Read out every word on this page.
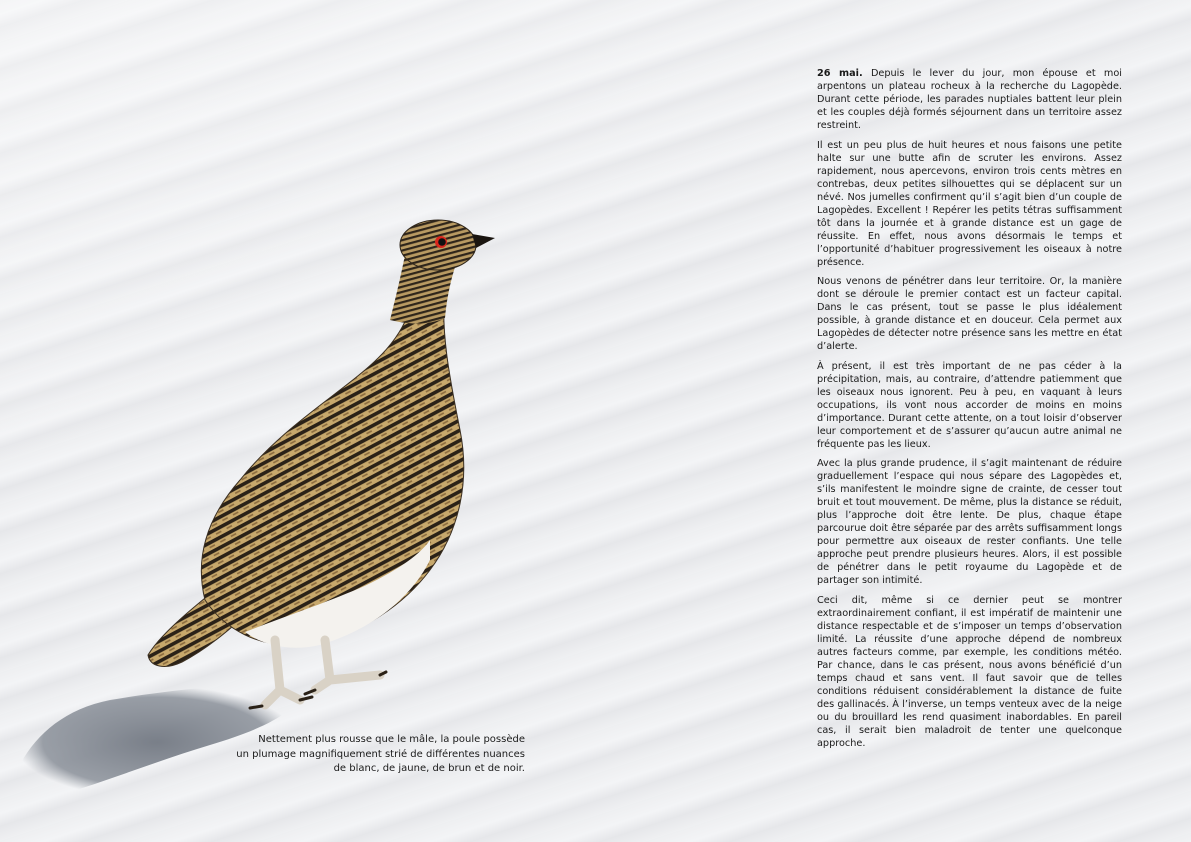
26 mai. Depuis le lever du jour, mon épouse et moi arpentons un plateau rocheux à la recherche du Lagopède. Durant cette période, les parades nuptiales battent leur plein et les couples déjà formés séjournent dans un territoire assez restreint.

Il est un peu plus de huit heures et nous faisons une petite halte sur une butte afin de scruter les environs. Assez rapidement, nous apercevons, environ trois cents mètres en contrebas, deux petites silhouettes qui se déplacent sur un névé. Nos jumelles confirment qu’il s’agit bien d’un couple de Lagopèdes. Excellent ! Repérer les petits tétras suffisamment tôt dans la journée et à grande distance est un gage de réussite. En effet, nous avons désormais le temps et l’opportunité d’habituer progressivement les oiseaux à notre présence.

Nous venons de pénétrer dans leur territoire. Or, la manière dont se déroule le premier contact est un facteur capital. Dans le cas présent, tout se passe le plus idéalement possible, à grande distance et en douceur. Cela permet aux Lagopèdes de détecter notre présence sans les mettre en état d’alerte.

À présent, il est très important de ne pas céder à la précipitation, mais, au contraire, d’attendre patiemment que les oiseaux nous ignorent. Peu à peu, en vaquant à leurs occupations, ils vont nous accorder de moins en moins d’importance. Durant cette attente, on a tout loisir d’observer leur comportement et de s’assurer qu’aucun autre animal ne fréquente pas les lieux.

Avec la plus grande prudence, il s’agit maintenant de réduire graduellement l’espace qui nous sépare des Lagopèdes et, s’ils manifestent le moindre signe de crainte, de cesser tout bruit et tout mouvement. De même, plus la distance se réduit, plus l’approche doit être lente. De plus, chaque étape parcourue doit être séparée par des arrêts suffisamment longs pour permettre aux oiseaux de rester confiants. Une telle approche peut prendre plusieurs heures. Alors, il est possible de pénétrer dans le petit royaume du Lagopède et de partager son intimité.

Ceci dit, même si ce dernier peut se montrer extraordinairement confiant, il est impératif de maintenir une distance respectable et de s’imposer un temps d’observation limité. La réussite d’une approche dépend de nombreux autres facteurs comme, par exemple, les conditions météo. Par chance, dans le cas présent, nous avons bénéficié d’un temps chaud et sans vent. Il faut savoir que de telles conditions réduisent considérablement la distance de fuite des gallinacés. À l’inverse, un temps venteux avec de la neige ou du brouillard les rend quasiment inabordables. En pareil cas, il serait bien maladroit de tenter une quelconque approche.

Nettement plus rousse que le mâle, la poule possède
un plumage magnifiquement strié de différentes nuances
de blanc, de jaune, de brun et de noir.
